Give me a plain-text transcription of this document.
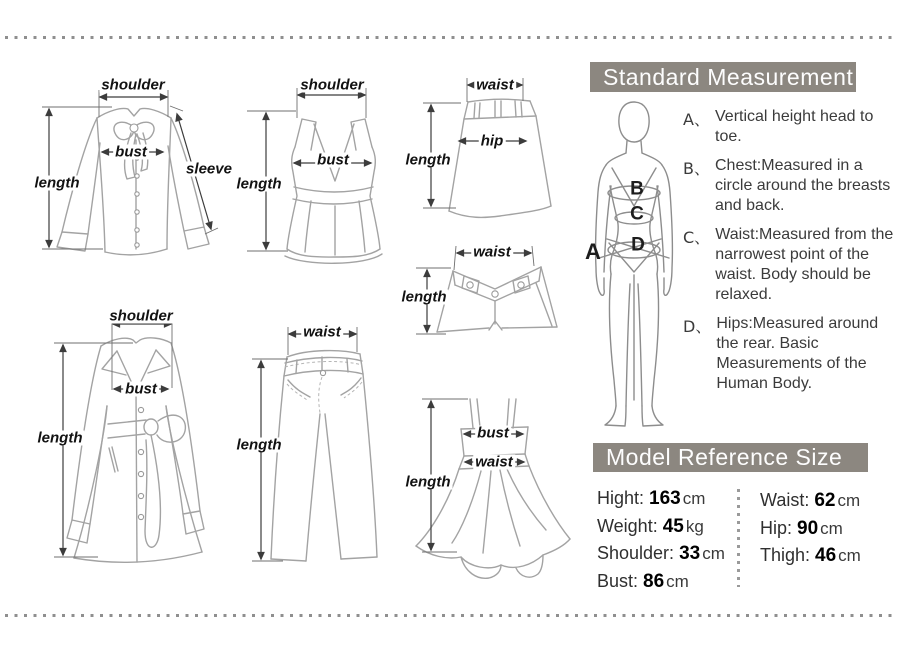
shoulder
length
bust
sleeve
shoulder
bust
length
waist
hip
length
waist
length
shoulder
bust
length
waist
length
bust
waist
length
Standard Measurement
A
B
C
D
A、 Vertical height head to toe.
B、 Chest:Measured in a circle around the breasts and back.
C、 Waist:Measured from the narrowest point of the waist. Body should be relaxed.
D、 Hips:Measured around the rear. Basic Measurements of the Human Body.
Model Reference Size
Hight: 163 cm
Weight: 45 kg
Shoulder: 33 cm
Bust: 86 cm
Waist: 62 cm
Hip: 90 cm
Thigh: 46 cm
